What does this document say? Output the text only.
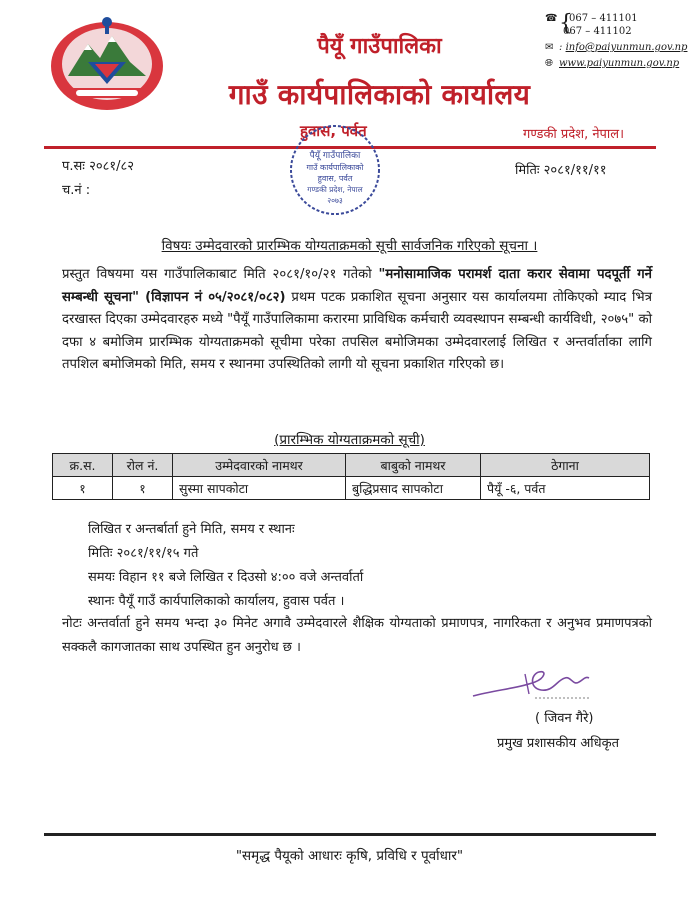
पैयूँ गाउँपालिका
गाउँ कार्यपालिकाको कार्यालय
{
☎ 067 – 411101
067 – 411102
✉ : info@paiyunmun.gov.np
🌐︎ www.paiyunmun.gov.np
हुवास, पर्वत	गण्डकी प्रदेश, नेपाल।
पैयूँ गाउँपालिका
गाउँ कार्यपालिकाको
हुवास, पर्वत
गण्डकी प्रदेश, नेपाल
२०७३
प.सः २०८१/८२
च.नं :
मितिः २०८१/११/११
विषयः उम्मेदवारको प्रारम्भिक योग्यताक्रमको सूची सार्वजनिक गरिएको सूचना ।
प्रस्तुत विषयमा यस गाउँपालिकाबाट मिति २०८१/१०/२१ गतेको "मनोसामाजिक परामर्श दाता करार सेवामा पदपूर्ती गर्ने सम्बन्धी सूचना" (विज्ञापन नं ०५/२०८१/०८२) प्रथम पटक प्रकाशित सूचना अनुसार यस कार्यालयमा तोकिएको म्याद भित्र दरखास्त दिएका उम्मेदवारहरु मध्ये "पैयूँ गाउँपालिकामा करारमा प्राविधिक कर्मचारी व्यवस्थापन सम्बन्धी कार्यविधी, २०७५" को दफा ४ बमोजिम प्रारम्भिक योग्यताक्रमको सूचीमा परेका तपसिल बमोजिमका उम्मेदवारलाई लिखित र अन्तर्वार्ताका लागि तपशिल बमोजिमको मिति, समय र स्थानमा उपस्थितिको लागी यो सूचना प्रकाशित गरिएको छ।
(प्रारम्भिक योग्यताक्रमको सूची)
क्र.स.	रोल नं.	उम्मेदवारको नामथर	बाबुको नामथर	ठेगाना
१	१	सुस्मा सापकोटा	बुद्धिप्रसाद सापकोटा	पैयूँ -६, पर्वत
लिखित र अन्तर्बार्ता हुने मिति, समय र स्थानः
मितिः २०८१/११/१५ गते
समयः विहान ११ बजे लिखित र दिउसो ४:०० वजे अन्तर्वार्ता
स्थानः पैयूँ गाउँ कार्यपालिकाको कार्यालय, हुवास पर्वत ।
नोटः अन्तर्वार्ता हुने समय भन्दा ३० मिनेट अगावै उम्मेदवारले शैक्षिक योग्यताको प्रमाणपत्र, नागरिकता र अनुभव प्रमाणपत्रको सक्कलै कागजातका साथ उपस्थित हुन अनुरोध छ ।
( जिवन गैरे)
प्रमुख प्रशासकीय अधिकृत
"समृद्ध पैयूको आधारः कृषि, प्रविधि र पूर्वाधार"
